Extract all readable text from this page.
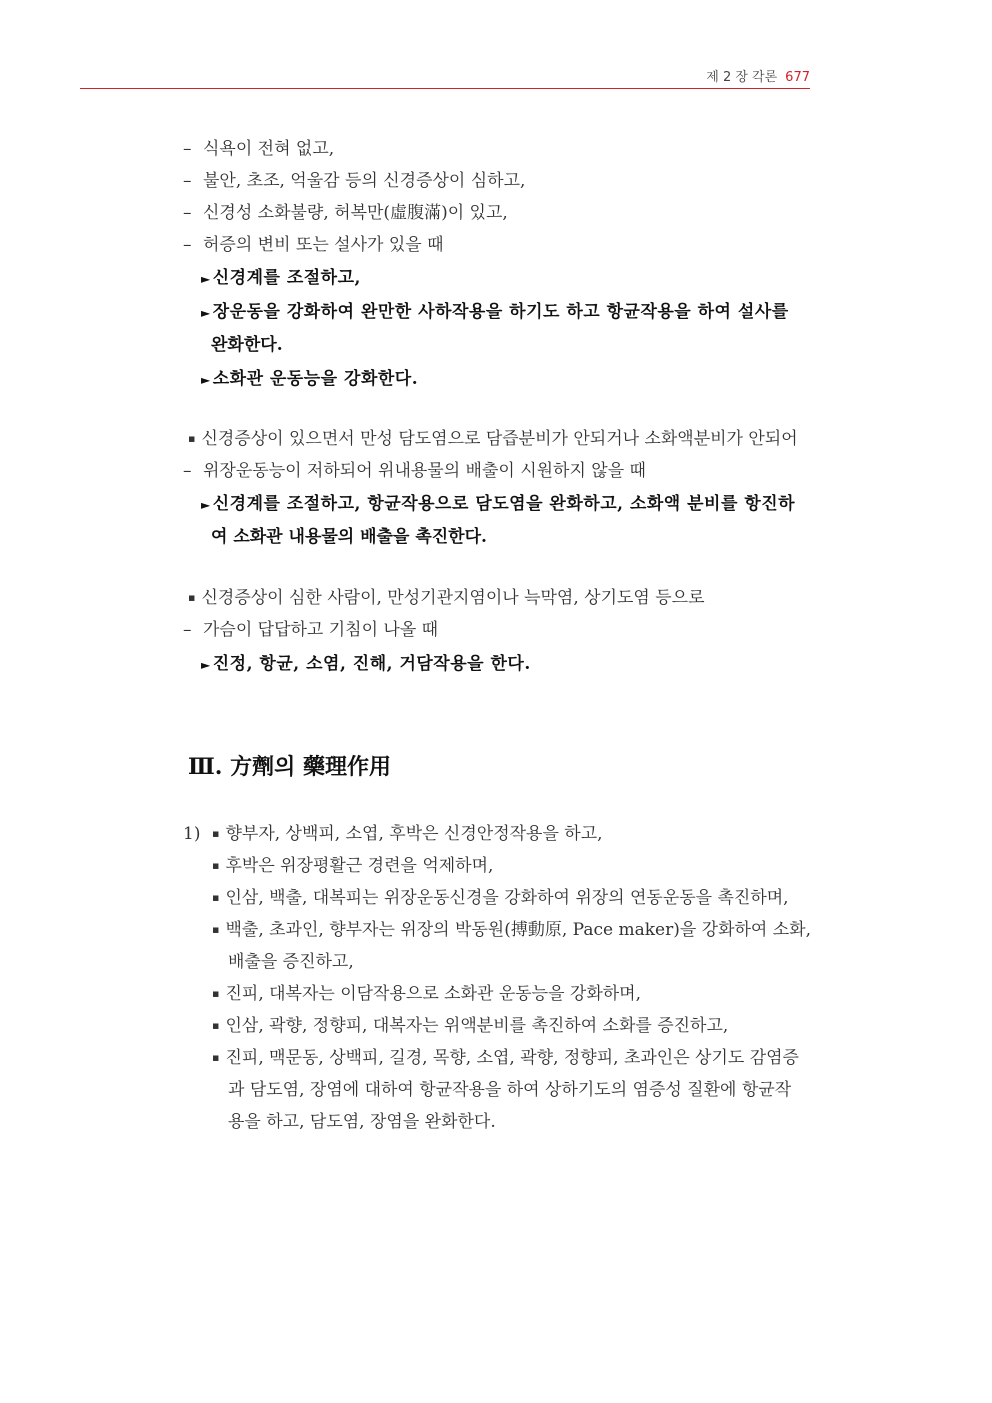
제 2 장 각론 677
– 식욕이 전혀 없고,
– 불안, 초조, 억울감 등의 신경증상이 심하고,
– 신경성 소화불량, 허복만(虛腹滿)이 있고,
– 허증의 변비 또는 설사가 있을 때
► 신경계를 조절하고,
► 장운동을 강화하여 완만한 사하작용을 하기도 하고 항균작용을 하여 설사를
완화한다.
► 소화관 운동능을 강화한다.
▪ 신경증상이 있으면서 만성 담도염으로 담즙분비가 안되거나 소화액분비가 안되어
– 위장운동능이 저하되어 위내용물의 배출이 시원하지 않을 때
► 신경계를 조절하고, 항균작용으로 담도염을 완화하고, 소화액 분비를 항진하
여 소화관 내용물의 배출을 촉진한다.
▪ 신경증상이 심한 사람이, 만성기관지염이나 늑막염, 상기도염 등으로
– 가슴이 답답하고 기침이 나올 때
► 진정, 항균, 소염, 진해, 거담작용을 한다.
Ⅲ. 方劑의 藥理作用
1) ▪ 향부자, 상백피, 소엽, 후박은 신경안정작용을 하고,
▪ 후박은 위장평활근 경련을 억제하며,
▪ 인삼, 백출, 대복피는 위장운동신경을 강화하여 위장의 연동운동을 촉진하며,
▪ 백출, 초과인, 향부자는 위장의 박동원(搏動原, Pace maker)을 강화하여 소화,
배출을 증진하고,
▪ 진피, 대복자는 이담작용으로 소화관 운동능을 강화하며,
▪ 인삼, 곽향, 정향피, 대복자는 위액분비를 촉진하여 소화를 증진하고,
▪ 진피, 맥문동, 상백피, 길경, 목향, 소엽, 곽향, 정향피, 초과인은 상기도 감염증
과 담도염, 장염에 대하여 항균작용을 하여 상하기도의 염증성 질환에 항균작
용을 하고, 담도염, 장염을 완화한다.
